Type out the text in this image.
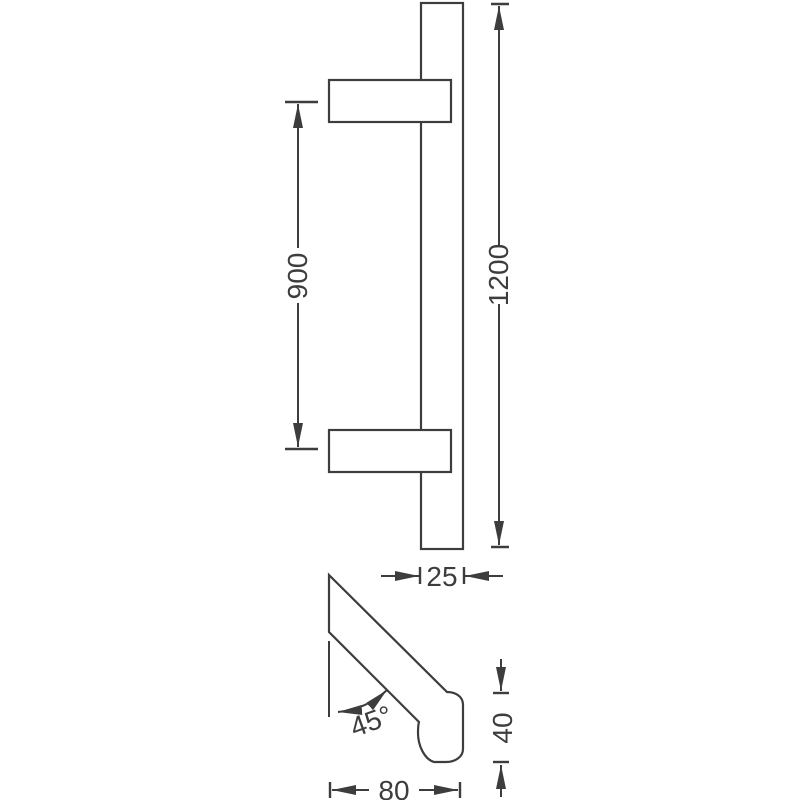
900	1200
25
45°	40
80
